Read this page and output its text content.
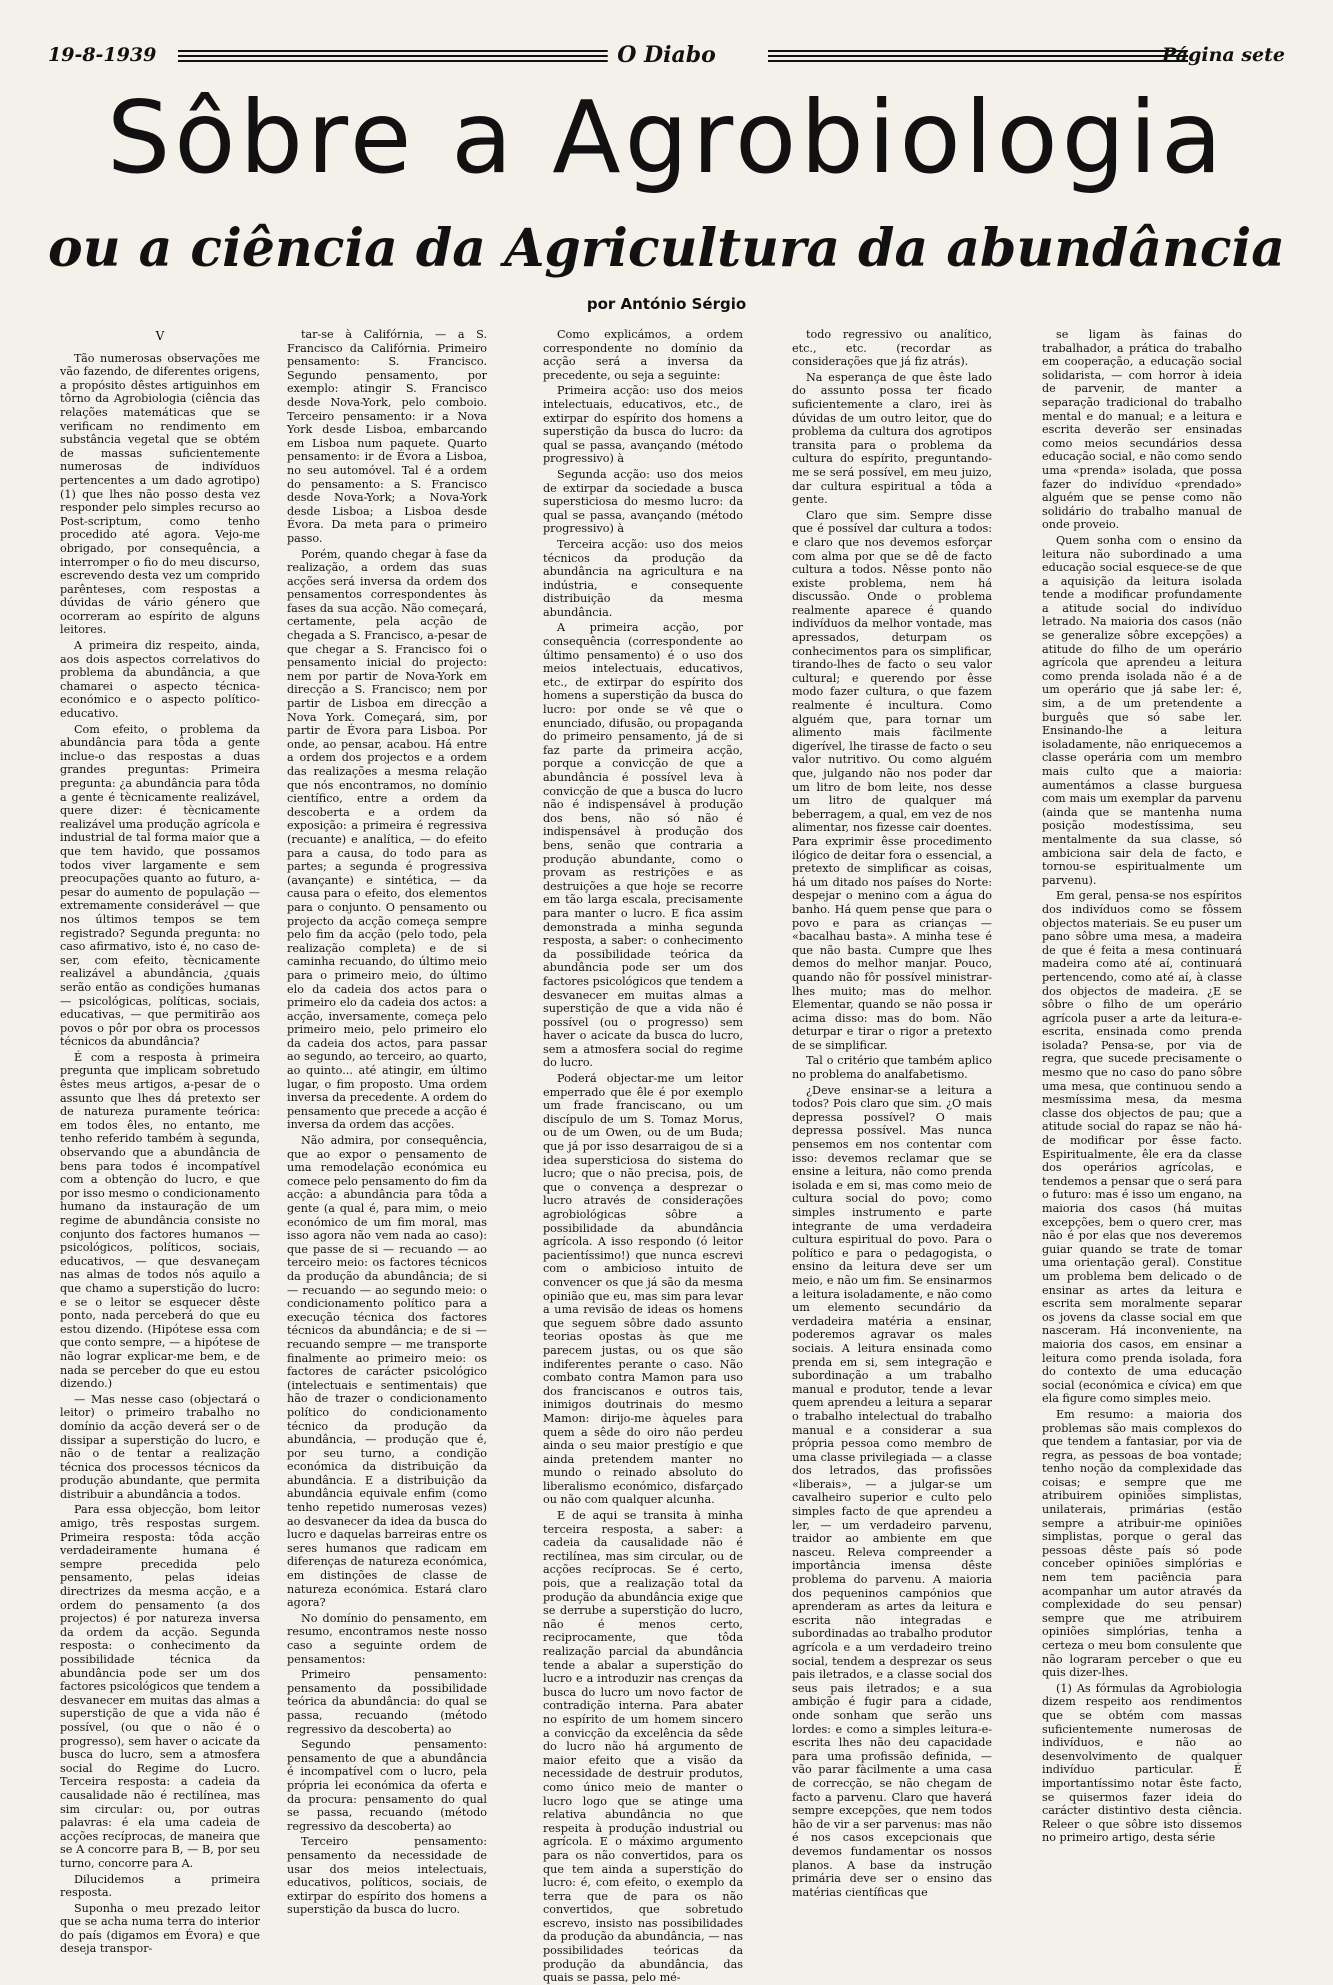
19-8-1939	O Diabo	Página sete
Sôbre a Agrobiologia
ou a ciência da Agricultura da abundância
por António Sérgio

V

Tão numerosas observações me vão fazendo, de diferentes origens, a propósito dêstes artiguinhos em tôrno da Agrobiologia (ciência das relações matemáticas que se verificam no rendimento em substância vegetal que se obtém de massas suficientemente numerosas de indivíduos pertencentes a um dado agrotipo) (1) que lhes não posso desta vez responder pelo simples recurso ao Post-scriptum, como tenho procedido até agora. Vejo-me obrigado, por consequência, a interromper o fio do meu discurso, escrevendo desta vez um comprido parênteses, com respostas a dúvidas de vário género que ocorreram ao espírito de alguns leitores.

A primeira diz respeito, ainda, aos dois aspectos correlativos do problema da abundância, a que chamarei o aspecto técnica-económico e o aspecto político-educativo.

Com efeito, o problema da abundância para tôda a gente inclue-o das respostas a duas grandes preguntas: Primeira pregunta: ¿a abundância para tôda a gente é tècnicamente realizável, quere dizer: é tècnicamente realizável uma produção agrícola e industrial de tal forma maior que a que tem havido, que possamos todos viver largamente e sem preocupações quanto ao futuro, a-pesar do aumento de população — extremamente considerável — que nos últimos tempos se tem registrado? Segunda pregunta: no caso afirmativo, isto é, no caso de-ser, com efeito, tècnicamente realizável a abundância, ¿quais serão então as condições humanas — psicológicas, políticas, sociais, educativas, — que permitirão aos povos o pôr por obra os processos técnicos da abundância?

É com a resposta à primeira pregunta que implicam sobretudo êstes meus artigos, a-pesar de o assunto que lhes dá pretexto ser de natureza puramente teórica: em todos êles, no entanto, me tenho referido também à segunda, observando que a abundância de bens para todos é incompatível com a obtenção do lucro, e que por isso mesmo o condicionamento humano da instauração de um regime de abundância consiste no conjunto dos factores humanos — psicológicos, políticos, sociais, educativos, — que desvaneçam nas almas de todos nós aquilo a que chamo a superstição do lucro: e se o leitor se esquecer dêste ponto, nada perceberá do que eu estou dizendo. (Hipótese essa com que conto sempre, — a hipótese de não lograr explicar-me bem, e de nada se perceber do que eu estou dizendo.)

— Mas nesse caso (objectará o leitor) o primeiro trabalho no domínio da acção deverá ser o de dissipar a superstição do lucro, e não o de tentar a realização técnica dos processos técnicos da produção abundante, que permita distribuir a abundância a todos.

Para essa objecção, bom leitor amigo, três respostas surgem. Primeira resposta: tôda acção verdadeiramente humana é sempre precedida pelo pensamento, pelas ideias directrizes da mesma acção, e a ordem do pensamento (a dos projectos) é por natureza inversa da ordem da acção. Segunda resposta: o conhecimento da possibilidade técnica da abundância pode ser um dos factores psicológicos que tendem a desvanecer em muitas das almas a superstição de que a vida não é possível, (ou que o não é o progresso), sem haver o acicate da busca do lucro, sem a atmosfera social do Regime do Lucro. Terceira resposta: a cadeia da causalidade não é rectilínea, mas sim circular: ou, por outras palavras: é ela uma cadeia de acções recíprocas, de maneira que se A concorre para B, — B, por seu turno, concorre para A.

Dilucidemos a primeira resposta.

Suponha o meu prezado leitor que se acha numa terra do interior do país (digamos em Évora) e que deseja transpor-

tar-se à Califórnia, — a S. Francisco da Califórnia. Primeiro pensamento: S. Francisco. Segundo pensamento, por exemplo: atingir S. Francisco desde Nova-York, pelo comboio. Terceiro pensamento: ir a Nova York desde Lisboa, embarcando em Lisboa num paquete. Quarto pensamento: ir de Évora a Lisboa, no seu automóvel. Tal é a ordem do pensamento: a S. Francisco desde Nova-York; a Nova-York desde Lisboa; a Lisboa desde Évora. Da meta para o primeiro passo.

Porém, quando chegar à fase da realização, a ordem das suas acções será inversa da ordem dos pensamentos correspondentes às fases da sua acção. Não começará, certamente, pela acção de chegada a S. Francisco, a-pesar de que chegar a S. Francisco foi o pensamento inicial do projecto: nem por partir de Nova-York em direcção a S. Francisco; nem por partir de Lisboa em direcção a Nova York. Começará, sim, por partir de Évora para Lisboa. Por onde, ao pensar, acabou. Há entre a ordem dos projectos e a ordem das realizações a mesma relação que nós encontramos, no domínio científico, entre a ordem da descoberta e a ordem da exposição: a primeira é regressiva (recuante) e analítica, — do efeito para a causa, do todo para as partes; a segunda é progressiva (avançante) e sintética, — da causa para o efeito, dos elementos para o conjunto. O pensamento ou projecto da acção começa sempre pelo fim da acção (pelo todo, pela realização completa) e de si caminha recuando, do último meio para o primeiro meio, do último elo da cadeia dos actos para o primeiro elo da cadeia dos actos: a acção, inversamente, começa pelo primeiro meio, pelo primeiro elo da cadeia dos actos, para passar ao segundo, ao terceiro, ao quarto, ao quinto... até atingir, em último lugar, o fim proposto. Uma ordem inversa da precedente. A ordem do pensamento que precede a acção é inversa da ordem das acções.

Não admira, por consequência, que ao expor o pensamento de uma remodelação económica eu comece pelo pensamento do fim da acção: a abundância para tôda a gente (a qual é, para mim, o meio económico de um fim moral, mas isso agora não vem nada ao caso): que passe de si — recuando — ao terceiro meio: os factores técnicos da produção da abundância; de si — recuando — ao segundo meio: o condicionamento político para a execução técnica dos factores técnicos da abundância; e de si — recuando sempre — me transporte finalmente ao primeiro meio: os factores de carácter psicológico (intelectuais e sentimentais) que hão de trazer o condicionamento político do condicionamento técnico da produção da abundância, — produção que é, por seu turno, a condição económica da distribuição da abundância. E a distribuição da abundância equivale enfim (como tenho repetido numerosas vezes) ao desvanecer da idea da busca do lucro e daquelas barreiras entre os seres humanos que radicam em diferenças de natureza económica, em distinções de classe de natureza económica. Estará claro agora?

No domínio do pensamento, em resumo, encontramos neste nosso caso a seguinte ordem de pensamentos:

Primeiro pensamento: pensamento da possibilidade teórica da abundância: do qual se passa, recuando (método regressivo da descoberta) ao

Segundo pensamento: pensamento de que a abundância é incompatível com o lucro, pela própria lei económica da oferta e da procura: pensamento do qual se passa, recuando (método regressivo da descoberta) ao

Terceiro pensamento: pensamento da necessidade de usar dos meios intelectuais, educativos, políticos, sociais, de extirpar do espírito dos homens a superstição da busca do lucro.

Como explicámos, a ordem correspondente no domínio da acção será a inversa da precedente, ou seja a seguinte:

Primeira acção: uso dos meios intelectuais, educativos, etc., de extirpar do espírito dos homens a superstição da busca do lucro: da qual se passa, avançando (método progressivo) à

Segunda acção: uso dos meios de extirpar da sociedade a busca supersticiosa do mesmo lucro: da qual se passa, avançando (método progressivo) à

Terceira acção: uso dos meios técnicos da produção da abundância na agricultura e na indústria, e consequente distribuição da mesma abundância.

A primeira acção, por consequência (correspondente ao último pensamento) é o uso dos meios intelectuais, educativos, etc., de extirpar do espírito dos homens a superstição da busca do lucro: por onde se vê que o enunciado, difusão, ou propaganda do primeiro pensamento, já de si faz parte da primeira acção, porque a convicção de que a abundância é possível leva à convicção de que a busca do lucro não é indispensável à produção dos bens, não só não é indispensável à produção dos bens, senão que contraria a produção abundante, como o provam as restrições e as destruições a que hoje se recorre em tão larga escala, precisamente para manter o lucro. E fica assim demonstrada a minha segunda resposta, a saber: o conhecimento da possibilidade teórica da abundância pode ser um dos factores psicológicos que tendem a desvanecer em muitas almas a superstição de que a vida não é possível (ou o progresso) sem haver o acicate da busca do lucro, sem a atmosfera social do regime do lucro.

Poderá objectar-me um leitor emperrado que êle é por exemplo um frade franciscano, ou um discípulo de um S. Tomaz Morus, ou de um Owen, ou de um Buda; que já por isso desarraigou de si a idea supersticiosa do sistema do lucro; que o não precisa, pois, de que o convença a desprezar o lucro através de considerações agrobiológicas sôbre a possibilidade da abundância agrícola. A isso respondo (ó leitor pacientíssimo!) que nunca escrevi com o ambicioso intuito de convencer os que já são da mesma opinião que eu, mas sim para levar a uma revisão de ideas os homens que seguem sôbre dado assunto teorias opostas às que me parecem justas, ou os que são indiferentes perante o caso. Não combato contra Mamon para uso dos franciscanos e outros tais, inimigos doutrinais do mesmo Mamon: dirijo-me àqueles para quem a sêde do oiro não perdeu ainda o seu maior prestígio e que ainda pretendem manter no mundo o reinado absoluto do liberalismo económico, disfarçado ou não com qualquer alcunha.

E de aqui se transita à minha terceira resposta, a saber: a cadeia da causalidade não é rectilínea, mas sim circular, ou de acções recíprocas. Se é certo, pois, que a realização total da produção da abundância exige que se derrube a superstição do lucro, não é menos certo, reciprocamente, que tôda realização parcial da abundância tende a abalar a superstição do lucro e a introduzir nas crenças da busca do lucro um novo factor de contradição interna. Para abater no espírito de um homem sincero a convicção da excelência da sêde do lucro não há argumento de maior efeito que a visão da necessidade de destruir produtos, como único meio de manter o lucro logo que se atinge uma relativa abundância no que respeita à produção industrial ou agrícola. E o máximo argumento para os não convertidos, para os que tem ainda a superstição do lucro: é, com efeito, o exemplo da terra que de para os não convertidos, que sobretudo escrevo, insisto nas possibilidades da produção da abundância, — nas possibilidades teóricas da produção da abundância, das quais se passa, pelo mé-

todo regressivo ou analítico, etc., etc. (recordar as considerações que já fiz atrás).

Na esperança de que êste lado do assunto possa ter ficado suficientemente a claro, irei às dúvidas de um outro leitor, que do problema da cultura dos agrotipos transita para o problema da cultura do espírito, preguntando-me se será possível, em meu juizo, dar cultura espiritual a tôda a gente.

Claro que sim. Sempre disse que é possível dar cultura a todos: e claro que nos devemos esforçar com alma por que se dê de facto cultura a todos. Nêsse ponto não existe problema, nem há discussão. Onde o problema realmente aparece é quando indivíduos da melhor vontade, mas apressados, deturpam os conhecimentos para os simplificar, tirando-lhes de facto o seu valor cultural; e querendo por êsse modo fazer cultura, o que fazem realmente é incultura. Como alguém que, para tornar um alimento mais fàcilmente digerível, lhe tirasse de facto o seu valor nutritivo. Ou como alguém que, julgando não nos poder dar um litro de bom leite, nos desse um litro de qualquer má beberragem, a qual, em vez de nos alimentar, nos fizesse cair doentes. Para exprimir êsse procedimento ilógico de deitar fora o essencial, a pretexto de simplificar as coisas, há um ditado nos países do Norte: despejar o menino com a água do banho. Há quem pense que para o povo e para as crianças — «bacalhau basta». A minha tese é que não basta. Cumpre que lhes demos do melhor manjar. Pouco, quando não fôr possível ministrar-lhes muito; mas do melhor. Elementar, quando se não possa ir acima disso: mas do bom. Não deturpar e tirar o rigor a pretexto de se simplificar.

Tal o critério que também aplico no problema do analfabetismo.

¿Deve ensinar-se a leitura a todos? Pois claro que sim. ¿O mais depressa possível? O mais depressa possível. Mas nunca pensemos em nos contentar com isso: devemos reclamar que se ensine a leitura, não como prenda isolada e em si, mas como meio de cultura social do povo; como simples instrumento e parte integrante de uma verdadeira cultura espiritual do povo. Para o político e para o pedagogista, o ensino da leitura deve ser um meio, e não um fim. Se ensinarmos a leitura isoladamente, e não como um elemento secundário da verdadeira matéria a ensinar, poderemos agravar os males sociais. A leitura ensinada como prenda em si, sem integração e subordinação a um trabalho manual e produtor, tende a levar quem aprendeu a leitura a separar o trabalho intelectual do trabalho manual e a considerar a sua própria pessoa como membro de uma classe privilegiada — a classe dos letrados, das profissões «liberais», — a julgar-se um cavalheiro superior e culto pelo simples facto de que aprendeu a ler, — um verdadeiro parvenu, traidor ao ambiente em que nasceu. Releva compreender a importância imensa dêste problema do parvenu. A maioria dos pequeninos campónios que aprenderam as artes da leitura e escrita não integradas e subordinadas ao trabalho produtor agrícola e a um verdadeiro treino social, tendem a desprezar os seus pais iletrados, e a classe social dos seus pais iletrados; e a sua ambição é fugir para a cidade, onde sonham que serão uns lordes: e como a simples leitura-e-escrita lhes não deu capacidade para uma profissão definida, — vão parar fàcilmente a uma casa de correcção, se não chegam de facto a parvenu. Claro que haverá sempre excepções, que nem todos hão de vir a ser parvenus: mas não é nos casos excepcionais que devemos fundamentar os nossos planos. A base da instrução primária deve ser o ensino das matérias científicas que

se ligam às fainas do trabalhador, a prática do trabalho em cooperação, a educação social solidarista, — com horror à ideia de parvenir, de manter a separação tradicional do trabalho mental e do manual; e a leitura e escrita deverão ser ensinadas como meios secundários dessa educação social, e não como sendo uma «prenda» isolada, que possa fazer do indivíduo «prendado» alguém que se pense como não solidário do trabalho manual de onde proveio.

Quem sonha com o ensino da leitura não subordinado a uma educação social esquece-se de que a aquisição da leitura isolada tende a modificar profundamente a atitude social do indivíduo letrado. Na maioria dos casos (não se generalize sôbre excepções) a atitude do filho de um operário agrícola que aprendeu a leitura como prenda isolada não é a de um operário que já sabe ler: é, sim, a de um pretendente a burguês que só sabe ler. Ensinando-lhe a leitura isoladamente, não enriquecemos a classe operária com um membro mais culto que a maioria: aumentámos a classe burguesa com mais um exemplar da parvenu (ainda que se mantenha numa posição modestíssima, seu mentalmente da sua classe, só ambiciona sair dela de facto, e tornou-se espiritualmente um parvenu).

Em geral, pensa-se nos espíritos dos indivíduos como se fôssem objectos materiais. Se eu puser um pano sôbre uma mesa, a madeira de que é feita a mesa continuará madeira como até aí, continuará pertencendo, como até aí, à classe dos objectos de madeira. ¿E se sôbre o filho de um operário agrícola puser a arte da leitura-e-escrita, ensinada como prenda isolada? Pensa-se, por via de regra, que sucede precisamente o mesmo que no caso do pano sôbre uma mesa, que continuou sendo a mesmíssima mesa, da mesma classe dos objectos de pau; que a atitude social do rapaz se não há-de modificar por êsse facto. Espiritualmente, êle era da classe dos operários agrícolas, e tendemos a pensar que o será para o futuro: mas é isso um engano, na maioria dos casos (há muitas excepções, bem o quero crer, mas não é por elas que nos deveremos guiar quando se trate de tomar uma orientação geral). Constitue um problema bem delicado o de ensinar as artes da leitura e escrita sem moralmente separar os jovens da classe social em que nasceram. Há inconveniente, na maioria dos casos, em ensinar a leitura como prenda isolada, fora do contexto de uma educação social (económica e cívica) em que ela figure como simples meio.

Em resumo: a maioria dos problemas são mais complexos do que tendem a fantasiar, por via de regra, as pessoas de boa vontade; tenho noção da complexidade das coisas; e sempre que me atribuirem opiniões simplistas, unilaterais, primárias (estão sempre a atribuir-me opiniões simplistas, porque o geral das pessoas dêste país só pode conceber opiniões simplórias e nem tem paciência para acompanhar um autor através da complexidade do seu pensar) sempre que me atribuirem opiniões simplórias, tenha a certeza o meu bom consulente que não lograram perceber o que eu quis dizer-lhes.

(1) As fórmulas da Agrobiologia dizem respeito aos rendimentos que se obtém com massas suficientemente numerosas de indivíduos, e não ao desenvolvimento de qualquer indivíduo particular. É importantíssimo notar êste facto, se quisermos fazer ideia do carácter distintivo desta ciência. Releer o que sôbre isto dissemos no primeiro artigo, desta série
